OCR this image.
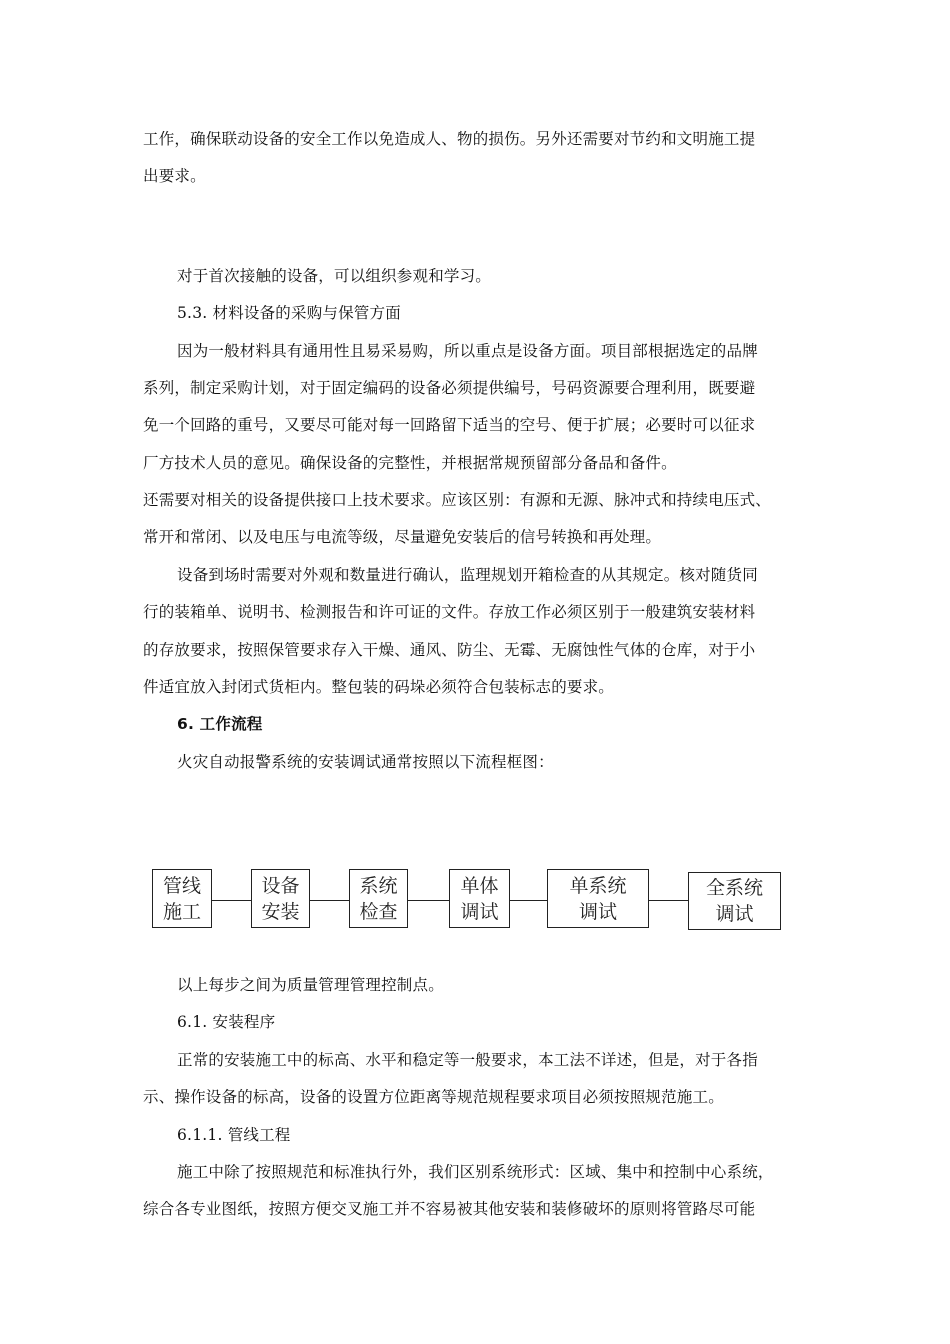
工作，确保联动设备的安全工作以免造成人、物的损伤。另外还需要对节约和文明施工提
出要求。
对于首次接触的设备，可以组织参观和学习。
5.3. 材料设备的采购与保管方面
因为一般材料具有通用性且易采易购，所以重点是设备方面。项目部根据选定的品牌
系列，制定采购计划，对于固定编码的设备必须提供编号，号码资源要合理利用，既要避
免一个回路的重号，又要尽可能对每一回路留下适当的空号、便于扩展；必要时可以征求
厂方技术人员的意见。确保设备的完整性，并根据常规预留部分备品和备件。
还需要对相关的设备提供接口上技术要求。应该区别：有源和无源、脉冲式和持续电压式、
常开和常闭、以及电压与电流等级，尽量避免安装后的信号转换和再处理。
设备到场时需要对外观和数量进行确认，监理规划开箱检查的从其规定。核对随货同
行的装箱单、说明书、检测报告和许可证的文件。存放工作必须区别于一般建筑安装材料
的存放要求，按照保管要求存入干燥、通风、防尘、无霉、无腐蚀性气体的仓库，对于小
件适宜放入封闭式货柜内。整包装的码垛必须符合包装标志的要求。
6. 工作流程
火灾自动报警系统的安装调试通常按照以下流程框图：
管线
施工
设备
安装
系统
检查
单体
调试
单系统
调试
全系统
调试
以上每步之间为质量管理管理控制点。
6.1. 安装程序
正常的安装施工中的标高、水平和稳定等一般要求，本工法不详述，但是，对于各指
示、操作设备的标高，设备的设置方位距离等规范规程要求项目必须按照规范施工。
6.1.1. 管线工程
施工中除了按照规范和标准执行外，我们区别系统形式：区域、集中和控制中心系统，
综合各专业图纸，按照方便交叉施工并不容易被其他安装和装修破坏的原则将管路尽可能
